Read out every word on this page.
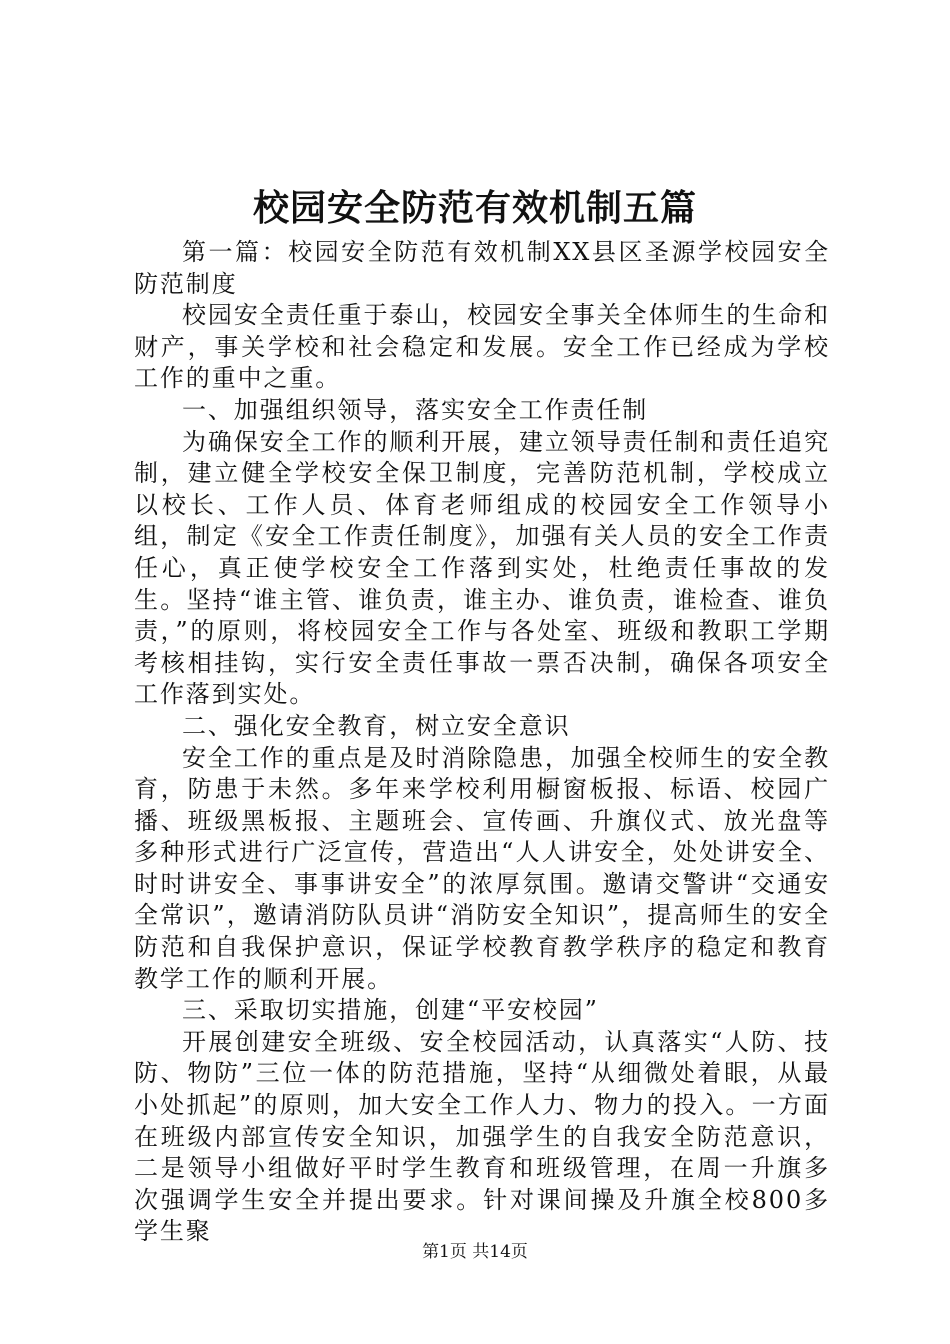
校园安全防范有效机制五篇

第一篇：校园安全防范有效机制XX县区圣源学校园安全防范制度

校园安全责任重于泰山，校园安全事关全体师生的生命和财产，事关学校和社会稳定和发展。安全工作已经成为学校工作的重中之重。

一、加强组织领导，落实安全工作责任制

为确保安全工作的顺利开展，建立领导责任制和责任追究制，建立健全学校安全保卫制度，完善防范机制，学校成立以校长、工作人员、体育老师组成的校园安全工作领导小组，制定《安全工作责任制度》，加强有关人员的安全工作责任心，真正使学校安全工作落到实处，杜绝责任事故的发生。坚持“谁主管、谁负责，谁主办、谁负责，谁检查、谁负责，”的原则，将校园安全工作与各处室、班级和教职工学期考核相挂钩，实行安全责任事故一票否决制，确保各项安全工作落到实处。

二、强化安全教育，树立安全意识

安全工作的重点是及时消除隐患，加强全校师生的安全教育，防患于未然。多年来学校利用橱窗板报、标语、校园广播、班级黑板报、主题班会、宣传画、升旗仪式、放光盘等多种形式进行广泛宣传，营造出“人人讲安全，处处讲安全、时时讲安全、事事讲安全”的浓厚氛围。邀请交警讲“交通安全常识”，邀请消防队员讲“消防安全知识”，提高师生的安全防范和自我保护意识，保证学校教育教学秩序的稳定和教育教学工作的顺利开展。

三、采取切实措施，创建“平安校园”

开展创建安全班级、安全校园活动，认真落实“人防、技防、物防”三位一体的防范措施，坚持“从细微处着眼，从最小处抓起”的原则，加大安全工作人力、物力的投入。一方面在班级内部宣传安全知识，加强学生的自我安全防范意识，二是领导小组做好平时学生教育和班级管理，在周一升旗多次强调学生安全并提出要求。针对课间操及升旗全校800多学生聚

第1页 共14页
